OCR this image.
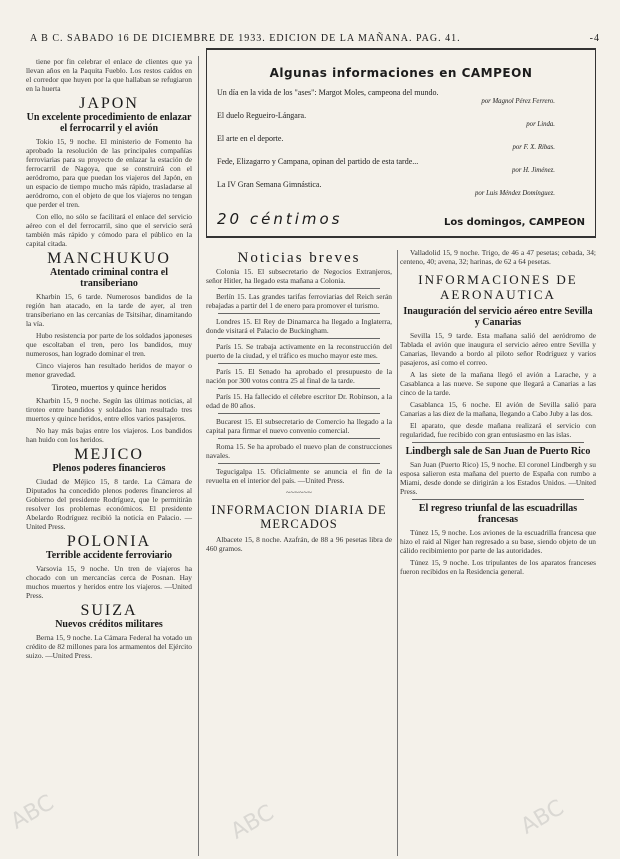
A B C. SABADO 16 DE DICIEMBRE DE 1933. EDICION DE LA MAÑANA. PAG. 41.	-4
tiene por fin celebrar el enlace de clientes que ya llevan años en la Paquita Fueblo. Los restos caídos en el corredor que huyen por la que hallaban se refugiaron en la huerta
JAPON
Un excelente procedimiento de enlazar el ferrocarril y el avión
Tokio 15, 9 noche. El ministerio de Fomento ha aprobado la resolución de las principales compañías ferroviarias para su proyecto de enlazar la estación de ferrocarril de Nagoya, que se construirá con el aeródromo, para que puedan los viajeros del Japón, en un espacio de tiempo mucho más rápido, trasladarse al aeródromo, con el objeto de que los viajeros no tengan que perder el tren.
Con ello, no sólo se facilitará el enlace del servicio aéreo con el del ferrocarril, sino que el servicio será también más rápido y cómodo para el público en la capital citada.
MANCHUKUO
Atentado criminal contra el transiberiano
Kharbin 15, 6 tarde. Numerosos bandidos de la región han atacado, en la tarde de ayer, al tren transiberiano en las cercanías de Tsitsihar, dinamitando la vía.
Hubo resistencia por parte de los soldados japoneses que escoltaban el tren, pero los bandidos, muy numerosos, han logrado dominar el tren.
Cinco viajeros han resultado heridos de mayor o menor gravedad.
Tiroteo, muertos y quince heridos
Kharbin 15, 9 noche. Según las últimas noticias, al tiroteo entre bandidos y soldados han resultado tres muertos y quince heridos, entre ellos varios pasajeros.
No hay más bajas entre los viajeros. Los bandidos han huido con los heridos.
MEJICO
Plenos poderes financieros
Ciudad de Méjico 15, 8 tarde. La Cámara de Diputados ha concedido plenos poderes financieros al Gobierno del presidente Rodríguez, que le permitirán resolver los problemas económicos. El presidente Abelardo Rodríguez recibió la noticia en Palacio. —United Press.
POLONIA
Terrible accidente ferroviario
Varsovia 15, 9 noche. Un tren de viajeros ha chocado con un mercancías cerca de Posnan. Hay muchos muertos y heridos entre los viajeros. —United Press.
SUIZA
Nuevos créditos militares
Berna 15, 9 noche. La Cámara Federal ha votado un crédito de 82 millones para los armamentos del Ejército suizo. —United Press.
Algunas informaciones en CAMPEON
Un día en la vida de los "ases": Margot Moles, campeona del mundo.
por Magnol Pérez Ferrero.
El duelo Regueiro-Lángara.
por Linda.
El arte en el deporte.
por F. X. Ribas.
Fede, Elizagarro y Campana, opinan del partido de esta tarde...
por H. Jiménez.
La IV Gran Semana Gimnástica.
por Luis Méndez Domínguez.
20 céntimos	Los domingos, CAMPEON
Noticias breves
Colonia 15. El subsecretario de Negocios Extranjeros, señor Hitler, ha llegado esta mañana a Colonia.
Berlín 15. Las grandes tarifas ferroviarias del Reich serán rebajadas a partir del 1 de enero para promover el turismo.
Londres 15. El Rey de Dinamarca ha llegado a Inglaterra, donde visitará el Palacio de Buckingham.
París 15. Se trabaja activamente en la reconstrucción del puerto de la ciudad, y el tráfico es mucho mayor este mes.
París 15. El Senado ha aprobado el presupuesto de la nación por 300 votos contra 25 al final de la tarde.
París 15. Ha fallecido el célebre escritor Dr. Robinson, a la edad de 80 años.
Bucarest 15. El subsecretario de Comercio ha llegado a la capital para firmar el nuevo convenio comercial.
Roma 15. Se ha aprobado el nuevo plan de construcciones navales.
Tegucigalpa 15. Oficialmente se anuncia el fin de la revuelta en el interior del país. —United Press.
~~~~~~
INFORMACION DIARIA DE MERCADOS
Albacete 15, 8 noche. Azafrán, de 88 a 96 pesetas libra de 460 gramos.
Valladolid 15, 9 noche. Trigo, de 46 a 47 pesetas; cebada, 34; centeno, 40; avena, 32; harinas, de 62 a 64 pesetas.
INFORMACIONES DE AERONAUTICA
Inauguración del servicio aéreo entre Sevilla y Canarias
Sevilla 15, 9 tarde. Esta mañana salió del aeródromo de Tablada el avión que inaugura el servicio aéreo entre Sevilla y Canarias, llevando a bordo al piloto señor Rodríguez y varios pasajeros, así como el correo.
A las siete de la mañana llegó el avión a Larache, y a Casablanca a las nueve. Se supone que llegará a Canarias a las cinco de la tarde.
Casablanca 15, 6 noche. El avión de Sevilla salió para Canarias a las diez de la mañana, llegando a Cabo Juby a las dos.
El aparato, que desde mañana realizará el servicio con regularidad, fue recibido con gran entusiasmo en las islas.
Lindbergh sale de San Juan de Puerto Rico
San Juan (Puerto Rico) 15, 9 noche. El coronel Lindbergh y su esposa salieron esta mañana del puerto de España con rumbo a Miami, desde donde se dirigirán a los Estados Unidos. —United Press.
El regreso triunfal de las escuadrillas francesas
Túnez 15, 9 noche. Los aviones de la escuadrilla francesa que hizo el raid al Niger han regresado a su base, siendo objeto de un cálido recibimiento por parte de las autoridades.
Túnez 15, 9 noche. Los tripulantes de los aparatos franceses fueron recibidos en la Residencia general.
ABC	ABC	ABC
